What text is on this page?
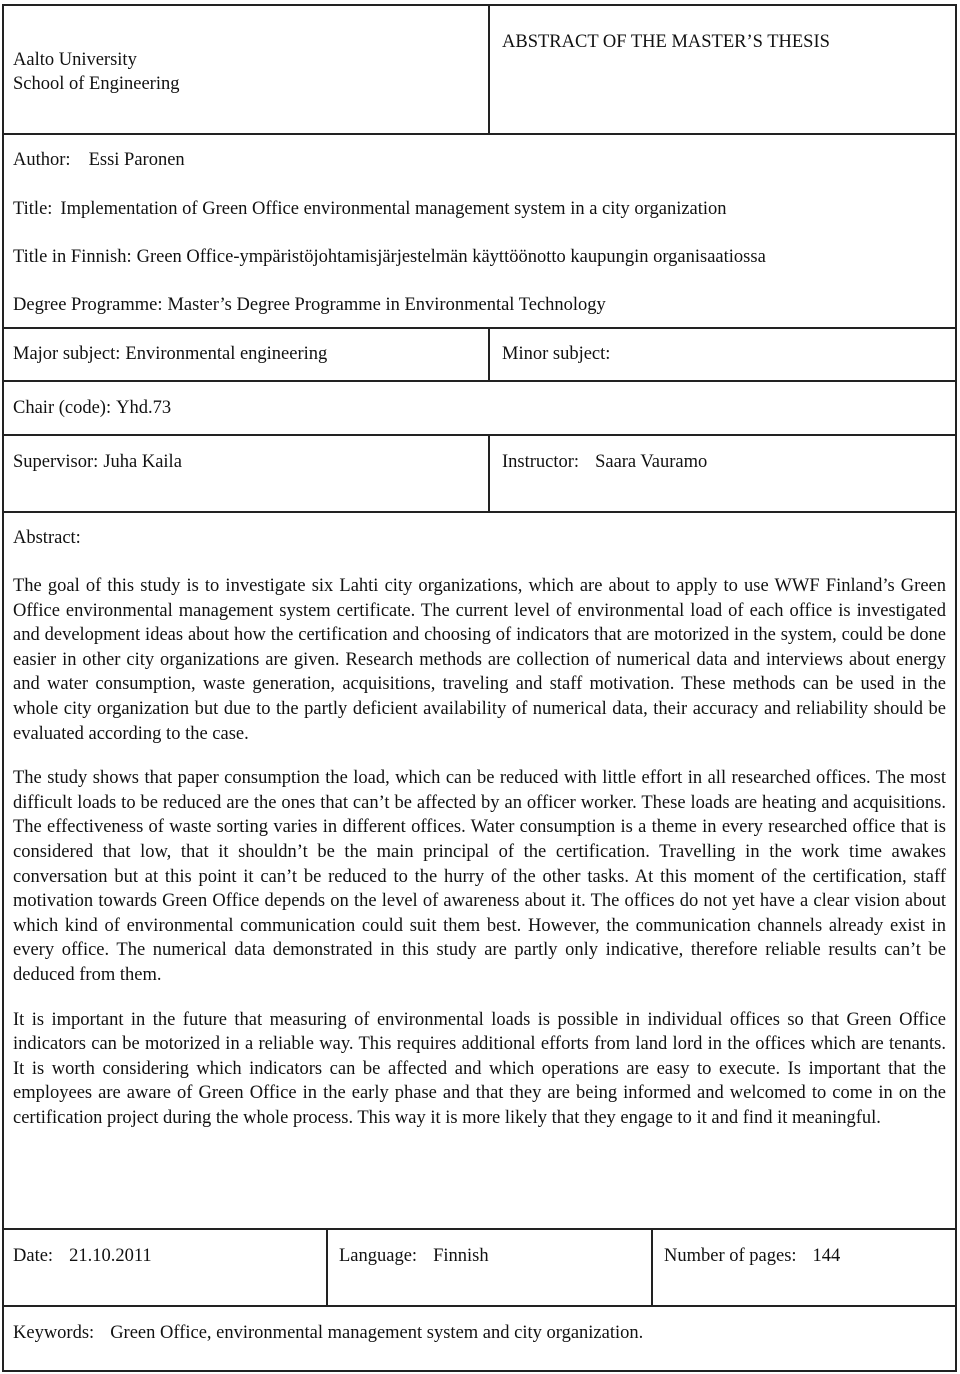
Aalto University
School of Engineering
ABSTRACT OF THE MASTER’S THESIS
Author: Essi Paronen
Title: Implementation of Green Office environmental management system in a city organization
Title in Finnish: Green Office-ympäristöjohtamisjärjestelmän käyttöönotto kaupungin organisaatiossa
Degree Programme: Master’s Degree Programme in Environmental Technology
Major subject: Environmental engineering	Minor subject:
Chair (code): Yhd.73
Supervisor: Juha Kaila	Instructor: Saara Vauramo
Abstract:

The goal of this study is to investigate six Lahti city organizations, which are about to apply to use WWF Finland’s Green Office environmental management system certificate. The current level of environmental load of each office is investigated and development ideas about how the certification and choosing of indicators that are motorized in the system, could be done easier in other city organizations are given. Research methods are collection of numerical data and interviews about energy and water consumption, waste generation, acquisitions, traveling and staff motivation. These methods can be used in the whole city organization but due to the partly deficient availability of numerical data, their accuracy and reliability should be evaluated according to the case.

The study shows that paper consumption the load, which can be reduced with little effort in all researched offices. The most difficult loads to be reduced are the ones that can’t be affected by an officer worker. These loads are heating and acquisitions. The effectiveness of waste sorting varies in different offices. Water consumption is a theme in every researched office that is considered that low, that it shouldn’t be the main principal of the certification. Travelling in the work time awakes conversation but at this point it can’t be reduced to the hurry of the other tasks. At this moment of the certification, staff motivation towards Green Office depends on the level of awareness about it. The offices do not yet have a clear vision about which kind of environmental communication could suit them best. However, the communication channels already exist in every office. The numerical data demonstrated in this study are partly only indicative, therefore reliable results can’t be deduced from them.

It is important in the future that measuring of environmental loads is possible in individual offices so that Green Office indicators can be motorized in a reliable way. This requires additional efforts from land lord in the offices which are tenants. It is worth considering which indicators can be affected and which operations are easy to execute. Is important that the employees are aware of Green Office in the early phase and that they are being informed and welcomed to come in on the certification project during the whole process. This way it is more likely that they engage to it and find it meaningful.

Date: 21.10.2011	Language: Finnish	Number of pages: 144
Keywords: Green Office, environmental management system and city organization.
